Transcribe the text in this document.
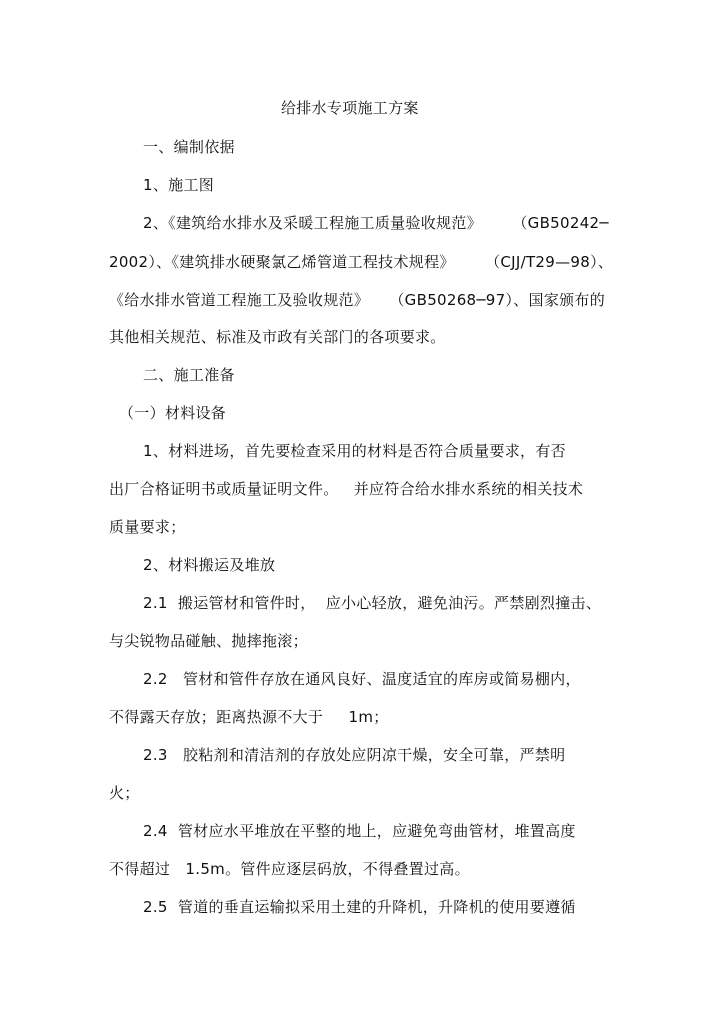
给排水专项施工方案
一、编制依据
1、施工图
2、《建筑给水排水及采暖工程施工质量验收规范》      （GB50242─
2002）、《建筑排水硬聚氯乙烯管道工程技术规程》      （CJJ/T29—98）、
《给水排水管道工程施工及验收规范》    （GB50268─97）、国家颁布的
其他相关规范、标准及市政有关部门的各项要求。
二、施工准备
（一）材料设备
1、材料进场，首先要检查采用的材料是否符合质量要求，有否
出厂合格证明书或质量证明文件。   并应符合给水排水系统的相关技术
质量要求；
2、材料搬运及堆放
2.1  搬运管材和管件时，  应小心轻放，避免油污。严禁剧烈撞击、
与尖锐物品碰触、抛摔拖滚；
2.2   管材和管件存放在通风良好、温度适宜的库房或简易棚内，
不得露天存放；距离热源不大于     1m；
2.3   胶粘剂和清洁剂的存放处应阴凉干燥，安全可靠，严禁明
火；
2.4  管材应水平堆放在平整的地上，应避免弯曲管材，堆置高度
不得超过   1.5m。管件应逐层码放，不得叠置过高。
2.5  管道的垂直运输拟采用土建的升降机，升降机的使用要遵循
